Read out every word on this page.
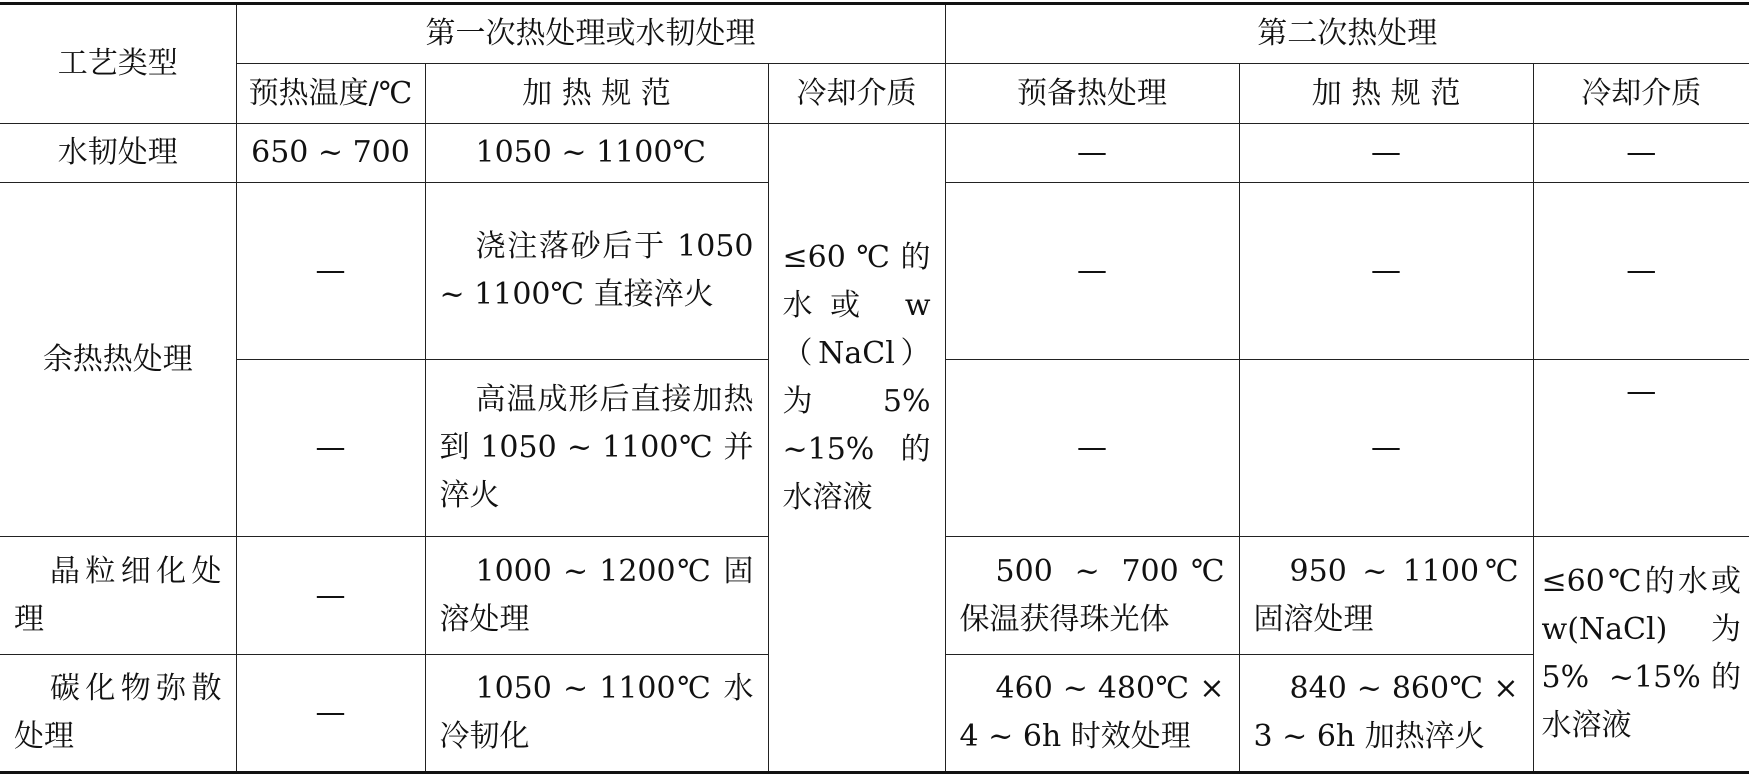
工艺类型	第一次热处理或水韧处理			第二次热处理		
	预热温度/℃	加 热 规 范	冷却介质	预备热处理	加 热 规 范	冷却介质
水韧处理	650 ~ 700	1050 ~ 1100℃	≤60℃的水或 w（NaCl）为 5% ~15% 的水溶液	—	—	—
余热热处理	—	浇注落砂后于 1050 ~ 1100℃ 直接淬火		—	—	—
	—	高温成形后直接加热到 1050 ~ 1100℃ 并淬火		—	—	—
晶粒细化处理	—	1000 ~ 1200℃ 固溶处理		500 ~ 700℃ 保温获得珠光体	950 ~ 1100℃ 固溶处理	≤60℃的水或 w(NaCl)为 5% ~15%的水溶液
碳化物弥散处理	—	1050 ~ 1100℃ 水冷韧化		460 ~ 480℃ × 4 ~ 6h 时效处理	840 ~ 860℃ × 3 ~ 6h 加热淬火	
